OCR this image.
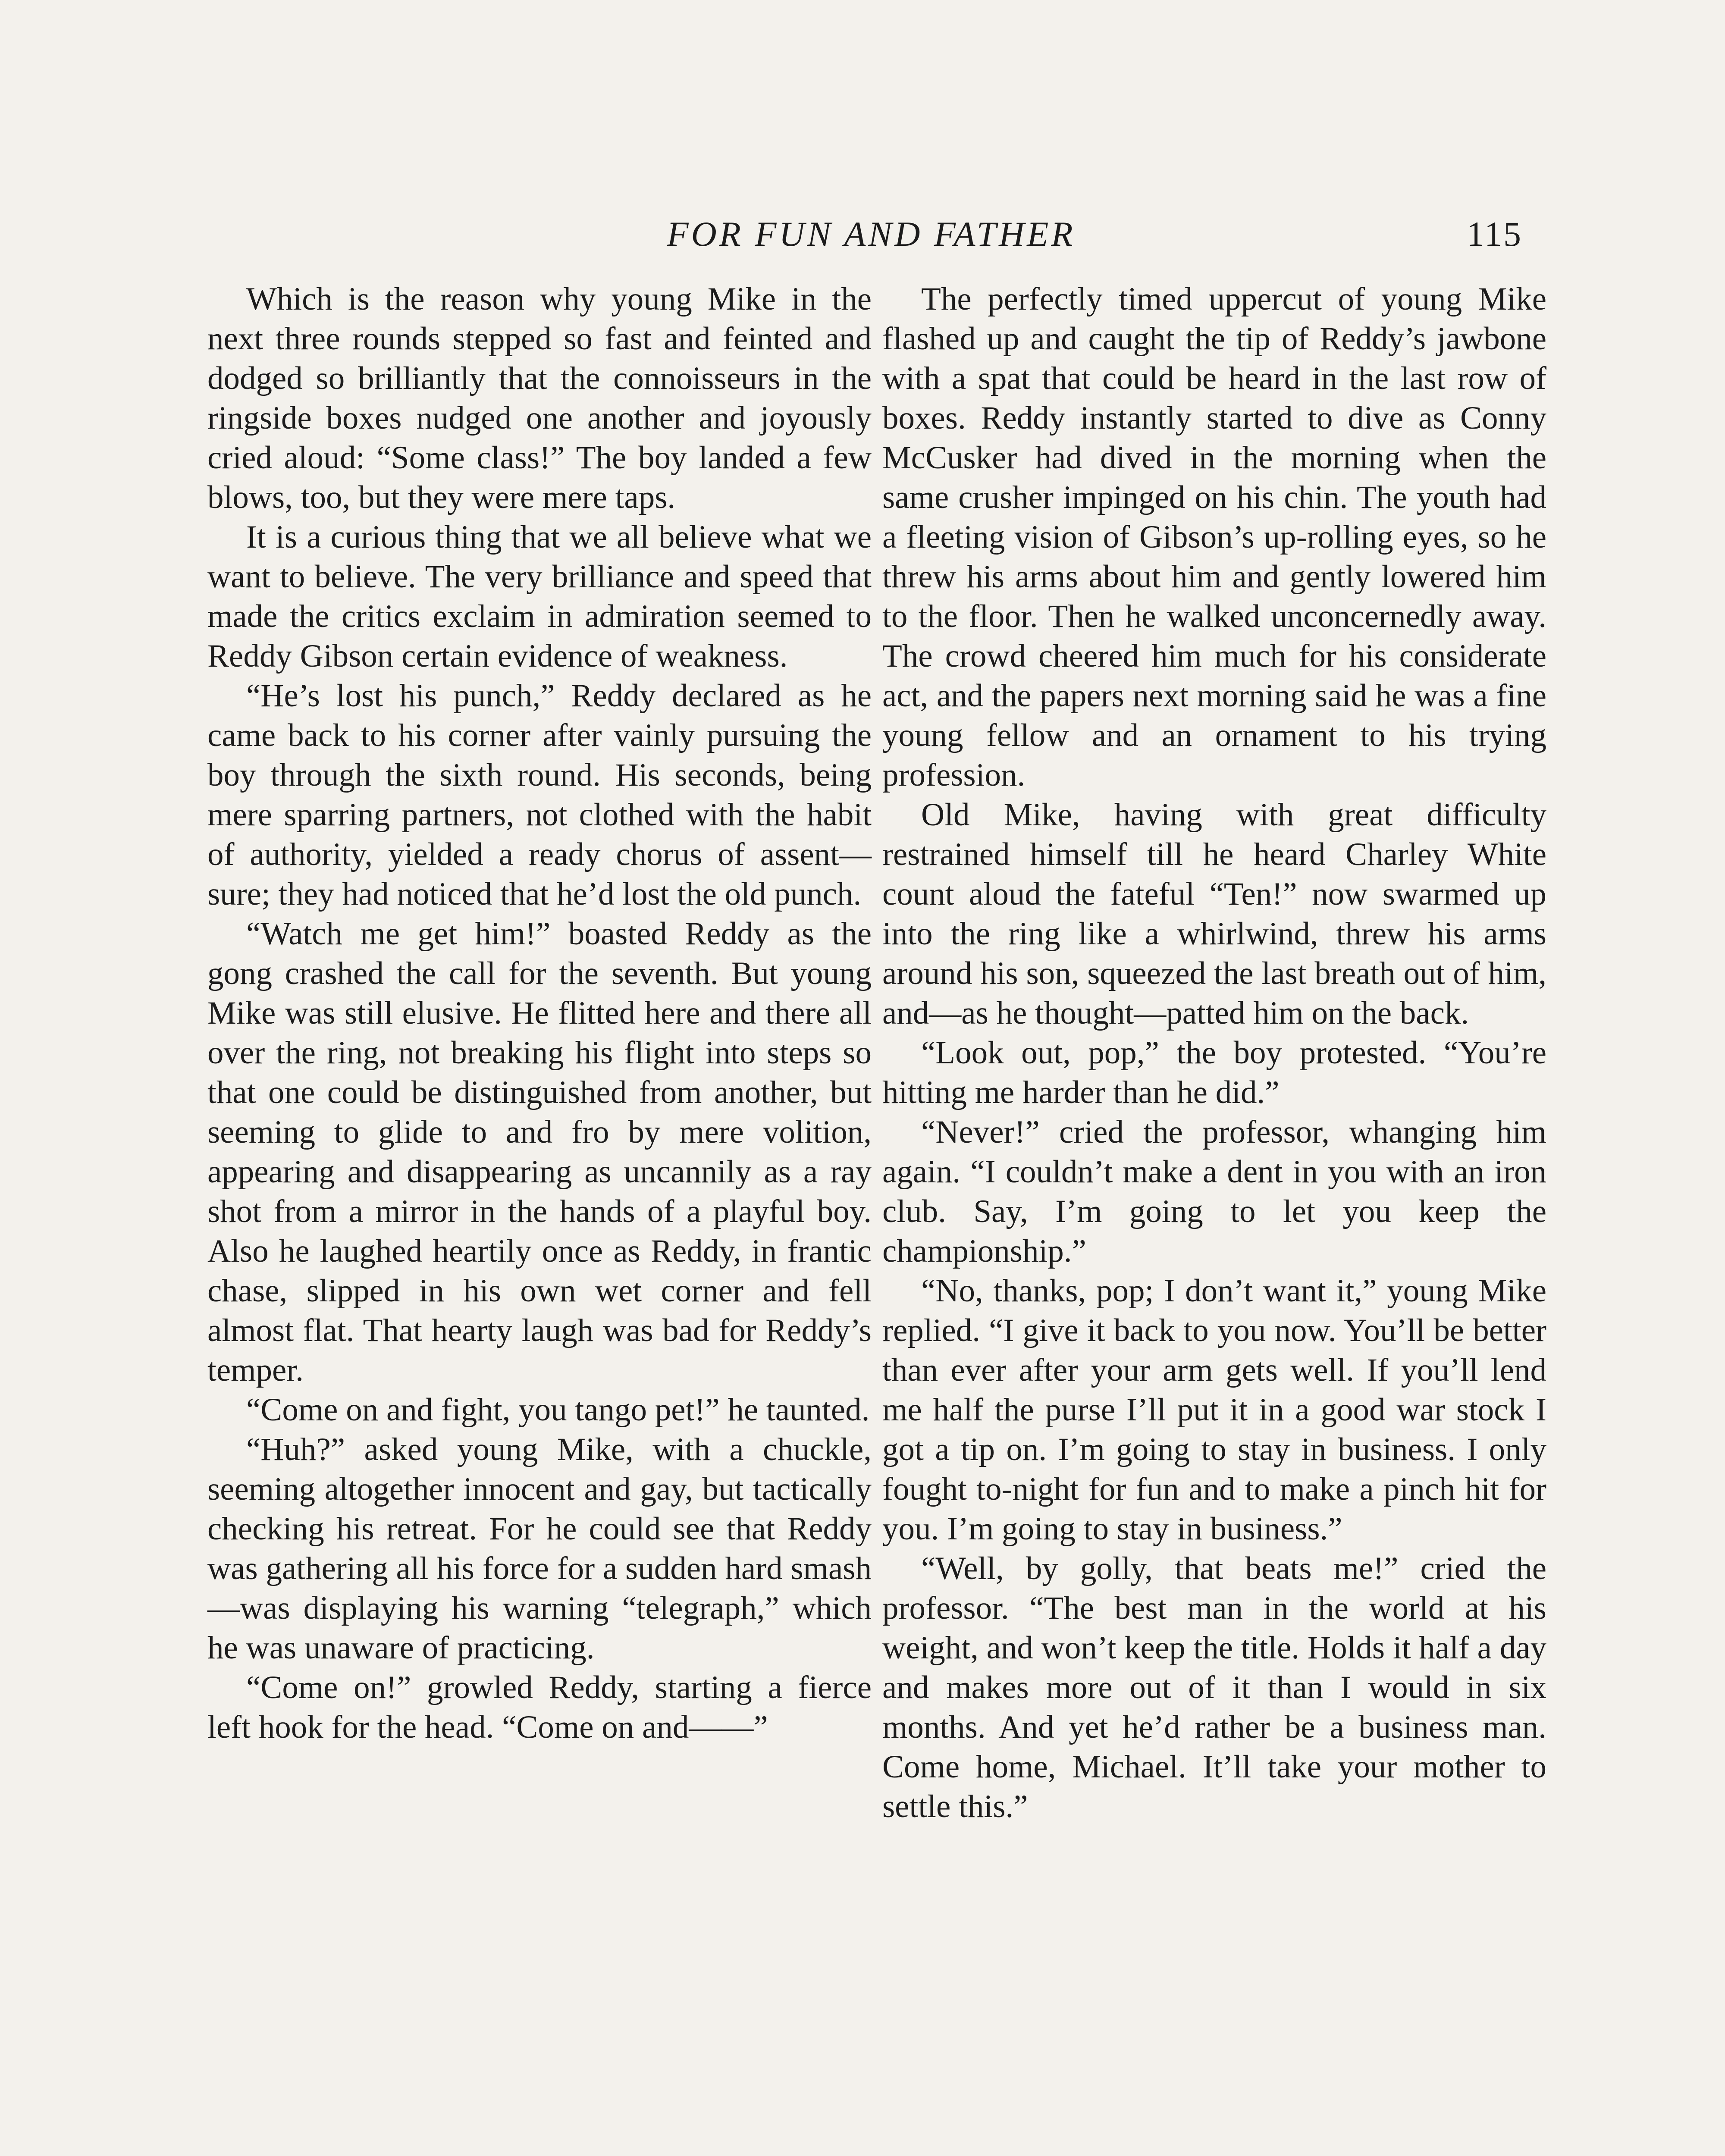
FOR FUN AND FATHER	115

Which is the reason why young Mike in the next three rounds stepped so fast and feinted and dodged so brilliantly that the connoisseurs in the ringside boxes nudged one another and joyously cried aloud: “Some class!” The boy landed a few blows, too, but they were mere taps.

It is a curious thing that we all believe what we want to believe. The very brilliance and speed that made the critics exclaim in admiration seemed to Reddy Gibson certain evidence of weakness.

“He’s lost his punch,” Reddy declared as he came back to his corner after vainly pursuing the boy through the sixth round. His seconds, being mere sparring partners, not clothed with the habit of authority, yielded a ready chorus of assent—sure; they had noticed that he’d lost the old punch.

“Watch me get him!” boasted Reddy as the gong crashed the call for the seventh. But young Mike was still elusive. He flitted here and there all over the ring, not breaking his flight into steps so that one could be distinguished from another, but seeming to glide to and fro by mere volition, appearing and disappearing as uncannily as a ray shot from a mirror in the hands of a playful boy. Also he laughed heartily once as Reddy, in frantic chase, slipped in his own wet corner and fell almost flat. That hearty laugh was bad for Reddy’s temper.

“Come on and fight, you tango pet!” he taunted.

“Huh?” asked young Mike, with a chuckle, seeming altogether innocent and gay, but tactically checking his retreat. For he could see that Reddy was gathering all his force for a sudden hard smash—was displaying his warning “telegraph,” which he was unaware of practicing.

“Come on!” growled Reddy, starting a fierce left hook for the head. “Come on and——”

The perfectly timed uppercut of young Mike flashed up and caught the tip of Reddy’s jawbone with a spat that could be heard in the last row of boxes. Reddy instantly started to dive as Conny McCusker had dived in the morning when the same crusher impinged on his chin. The youth had a fleeting vision of Gibson’s up-rolling eyes, so he threw his arms about him and gently lowered him to the floor. Then he walked unconcernedly away. The crowd cheered him much for his considerate act, and the papers next morning said he was a fine young fellow and an ornament to his trying profession.

Old Mike, having with great difficulty restrained himself till he heard Charley White count aloud the fateful “Ten!” now swarmed up into the ring like a whirlwind, threw his arms around his son, squeezed the last breath out of him, and—as he thought—patted him on the back.

“Look out, pop,” the boy protested. “You’re hitting me harder than he did.”

“Never!” cried the professor, whanging him again. “I couldn’t make a dent in you with an iron club. Say, I’m going to let you keep the championship.”

“No, thanks, pop; I don’t want it,” young Mike replied. “I give it back to you now. You’ll be better than ever after your arm gets well. If you’ll lend me half the purse I’ll put it in a good war stock I got a tip on. I’m going to stay in business. I only fought to-night for fun and to make a pinch hit for you. I’m going to stay in business.”

“Well, by golly, that beats me!” cried the professor. “The best man in the world at his weight, and won’t keep the title. Holds it half a day and makes more out of it than I would in six months. And yet he’d rather be a business man. Come home, Michael. It’ll take your mother to settle this.”
